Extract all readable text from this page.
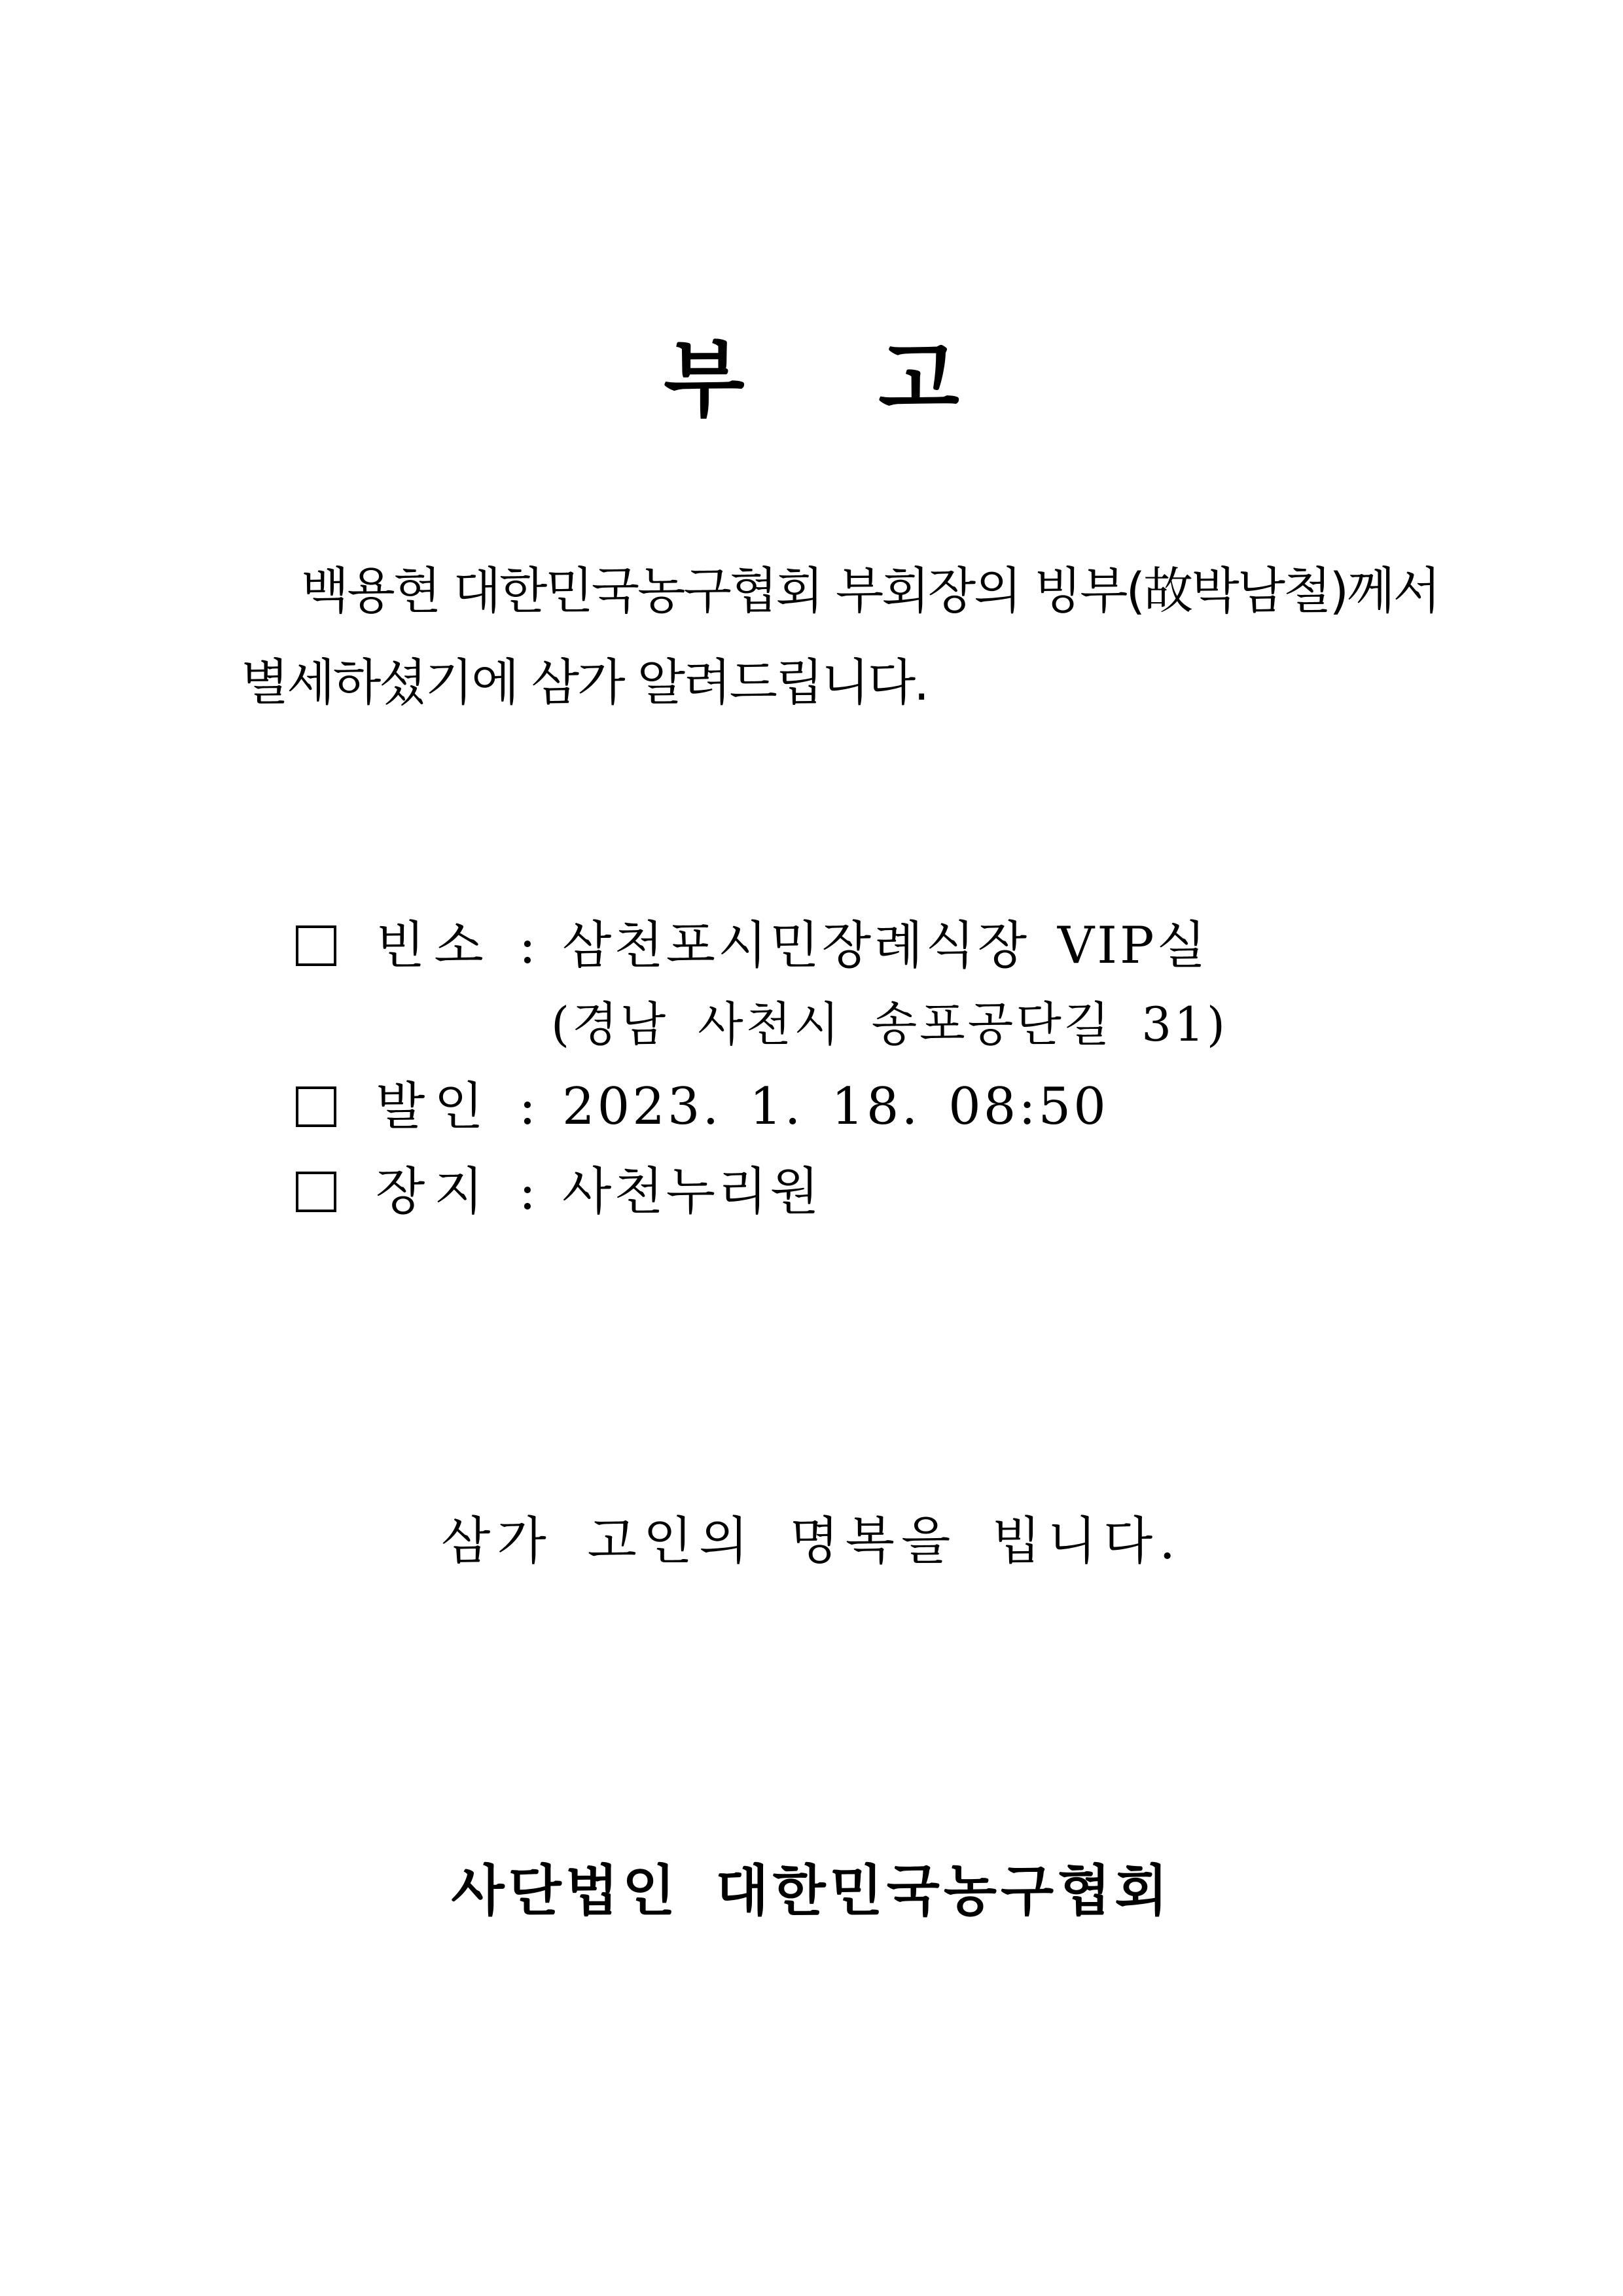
부 고
백용현 대한민국농구협회 부회장의 빙부(故박남철)께서
별세하셨기에 삼가 알려드립니다.
빈소 : 삼천포시민장례식장 VIP실
(경남 사천시 송포공단길 31)
발인 : 2023. 1. 18. 08:50
장지 : 사천누리원
삼가 고인의 명복을 빕니다.
사단법인 대한민국농구협회
